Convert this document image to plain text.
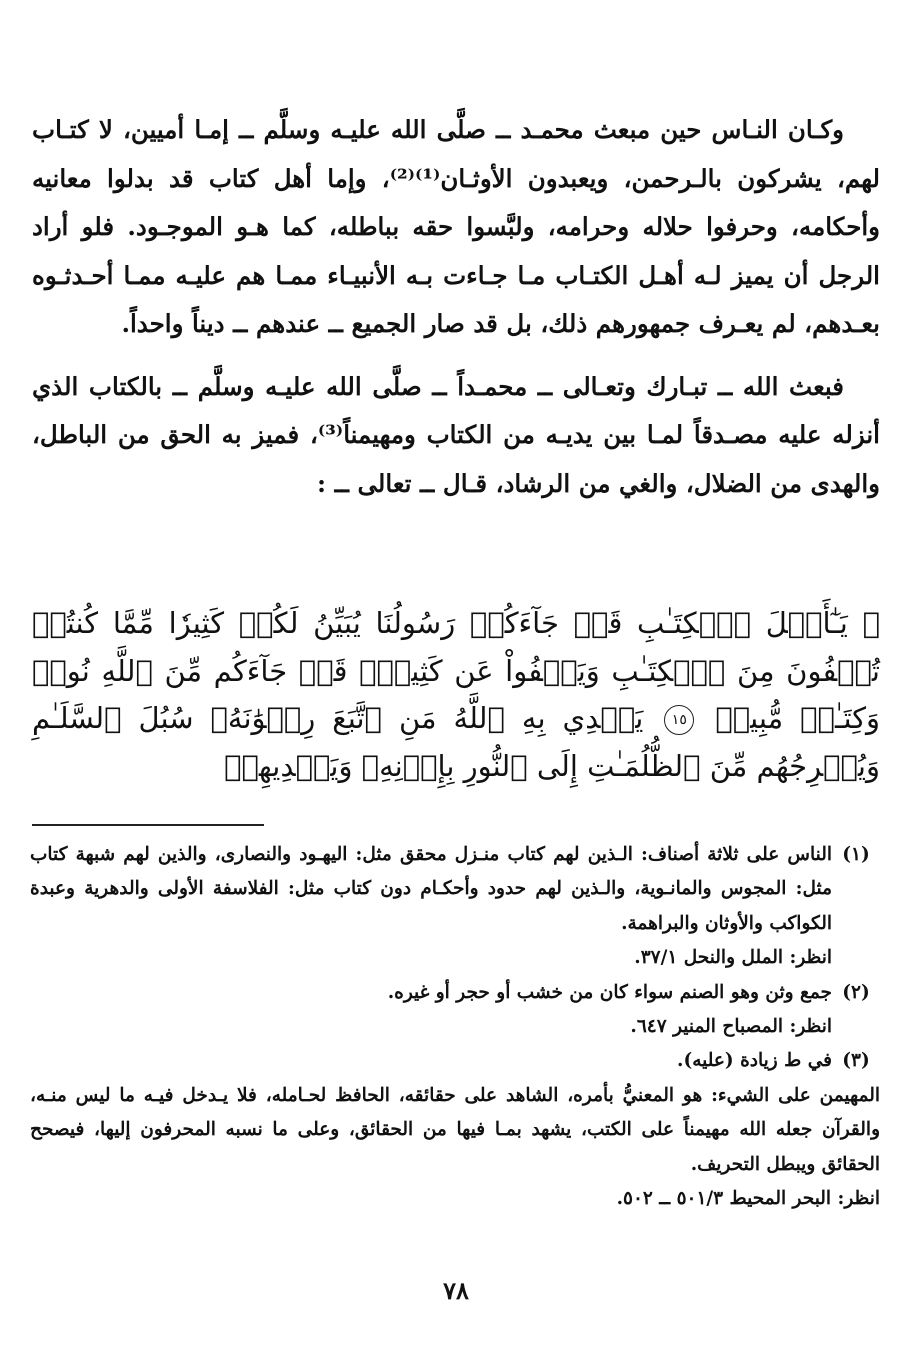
وكـان النـاس حين مبعث محمـد ــ صلَّى الله عليـه وسلَّم ــ إمـا أميين، لا كتـاب لهم، يشركون بالـرحمن، ويعبدون الأوثـان⁽¹⁾⁽²⁾، وإما أهل كتاب قد بدلوا معانيه وأحكامه، وحرفوا حلاله وحرامه، ولبَّسوا حقه بباطله، كما هـو الموجـود. فلو أراد الرجل أن يميز لـه أهـل الكتـاب مـا جـاءت بـه الأنبيـاء ممـا هم عليـه ممـا أحـدثـوه بعـدهم، لم يعـرف جمهورهم ذلك، بل قد صار الجميع ــ عندهم ــ ديناً واحداً.

فبعث الله ــ تبـارك وتعـالى ــ محمـداً ــ صلَّى الله عليـه وسلَّم ــ بالكتاب الذي أنزله عليه مصـدقاً لمـا بين يديـه من الكتاب ومهيمناً⁽³⁾، فميز به الحق من الباطل، والهدى من الضلال، والغي من الرشاد، قـال ــ تعالى ــ :

﴿ يَـٰٓأَهۡلَ ٱلۡكِتَـٰبِ قَدۡ جَآءَكُمۡ رَسُولُنَا يُبَيِّنُ لَكُمۡ كَثِيرٗا مِّمَّا كُنتُمۡ تُخۡفُونَ مِنَ ٱلۡكِتَـٰبِ وَيَعۡفُواْ عَن كَثِيرٖۚ قَدۡ جَآءَكُم مِّنَ ٱللَّهِ نُورٞ وَكِتَـٰبٞ مُّبِينٞ ١٥ يَهۡدِي بِهِ ٱللَّهُ مَنِ ٱتَّبَعَ رِضۡوَٰنَهُۥ سُبُلَ ٱلسَّلَـٰمِ وَيُخۡرِجُهُم مِّنَ ٱلظُّلُمَـٰتِ إِلَى ٱلنُّورِ بِإِذۡنِهِۦ وَيَهۡدِيهِمۡ
(١)

الناس على ثلاثة أصناف: الـذين لهم كتاب منـزل محقق مثل: اليهـود والنصارى، والذين لهم شبهة كتاب مثل: المجوس والمانـوية، والـذين لهم حدود وأحكـام دون كتاب مثل: الفلاسفة الأولى والدهرية وعبدة الكواكب والأوثان والبراهمة.

انظر: الملل والنحل ٣٧/١.

(٢)

جمع وثن وهو الصنم سواء كان من خشب أو حجر أو غيره.

انظر: المصباح المنير ٦٤٧.

(٣)

في ط زيادة (عليه).

المهيمن على الشيء: هو المعنيُّ بأمره، الشاهد على حقائقه، الحافظ لحـامله، فلا يـدخل فيـه ما ليس منـه، والقرآن جعله الله مهيمناً على الكتب، يشهد بمـا فيها من الحقائق، وعلى ما نسبه المحرفون إليها، فيصحح الحقائق ويبطل التحريف.

انظر: البحر المحيط ٥٠١/٣ ــ ٥٠٢.

٧٨
